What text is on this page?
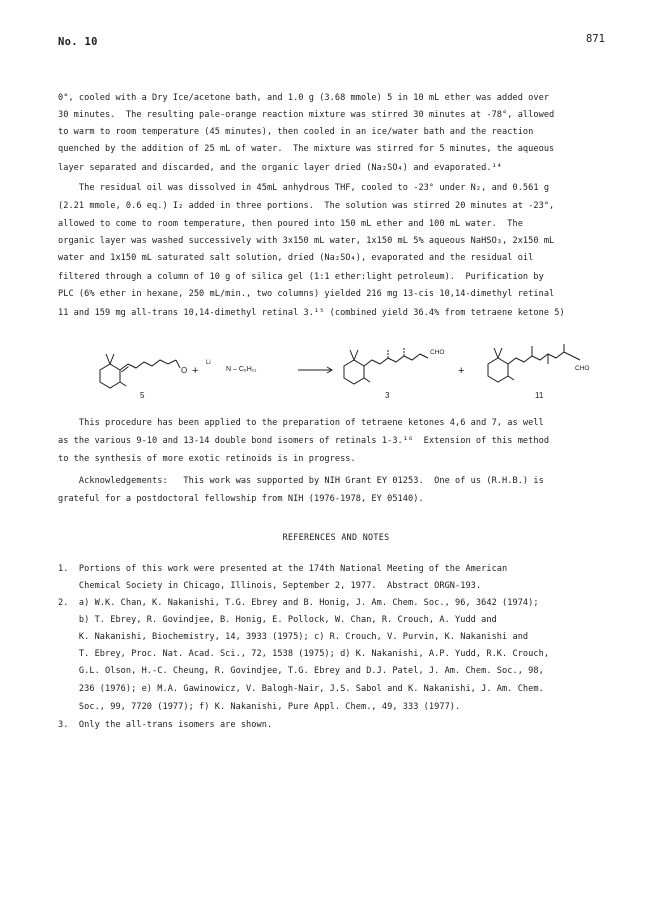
No. 10	871
0°, cooled with a Dry Ice/acetone bath, and 1.0 g (3.68 mmole) 5 in 10 mL ether was added over
30 minutes.  The resulting pale-orange reaction mixture was stirred 30 minutes at -78°, allowed
to warm to room temperature (45 minutes), then cooled in an ice/water bath and the reaction
quenched by the addition of 25 mL of water.  The mixture was stirred for 5 minutes, the aqueous
layer separated and discarded, and the organic layer dried (Na₂SO₄) and evaporated.¹⁴
The residual oil was dissolved in 45mL anhydrous THF, cooled to -23° under N₂, and 0.561 g
(2.21 mmole, 0.6 eq.) I₂ added in three portions.  The solution was stirred 20 minutes at -23°,
allowed to come to room temperature, then poured into 150 mL ether and 100 mL water.  The
organic layer was washed successively with 3x150 mL water, 1x150 mL 5% aqueous NaHSO₃, 2x150 mL
water and 1x150 mL saturated salt solution, dried (Na₂SO₄), evaporated and the residual oil
filtered through a column of 10 g of silica gel (1:1 ether:light petroleum).  Purification by
PLC (6% ether in hexane, 250 mL/min., two columns) yielded 216 mg 13-cis 10,14-dimethyl retinal
11 and 159 mg all-trans 10,14-dimethyl retinal 3.¹⁵ (combined yield 36.4% from tetraene ketone 5)
O +
Li
N – C₆H₁₁
5
CHO
3
+	CHO
11
This procedure has been applied to the preparation of tetraene ketones 4,6 and 7, as well
as the various 9-10 and 13-14 double bond isomers of retinals 1-3.¹⁶  Extension of this method
to the synthesis of more exotic retinoids is in progress.
Acknowledgements:   This work was supported by NIH Grant EY 01253.  One of us (R.H.B.) is
grateful for a postdoctoral fellowship from NIH (1976-1978, EY 05140).
REFERENCES AND NOTES
1.  Portions of this work were presented at the 174th National Meeting of the American
Chemical Society in Chicago, Illinois, September 2, 1977.  Abstract ORGN-193.
2.  a) W.K. Chan, K. Nakanishi, T.G. Ebrey and B. Honig, J. Am. Chem. Soc., 96, 3642 (1974);
b) T. Ebrey, R. Govindjee, B. Honig, E. Pollock, W. Chan, R. Crouch, A. Yudd and
K. Nakanishi, Biochemistry, 14, 3933 (1975); c) R. Crouch, V. Purvin, K. Nakanishi and
T. Ebrey, Proc. Nat. Acad. Sci., 72, 1538 (1975); d) K. Nakanishi, A.P. Yudd, R.K. Crouch,
G.L. Olson, H.-C. Cheung, R. Govindjee, T.G. Ebrey and D.J. Patel, J. Am. Chem. Soc., 98,
236 (1976); e) M.A. Gawinowicz, V. Balogh-Nair, J.S. Sabol and K. Nakanishi, J. Am. Chem.
Soc., 99, 7720 (1977); f) K. Nakanishi, Pure Appl. Chem., 49, 333 (1977).
3.  Only the all-trans isomers are shown.
